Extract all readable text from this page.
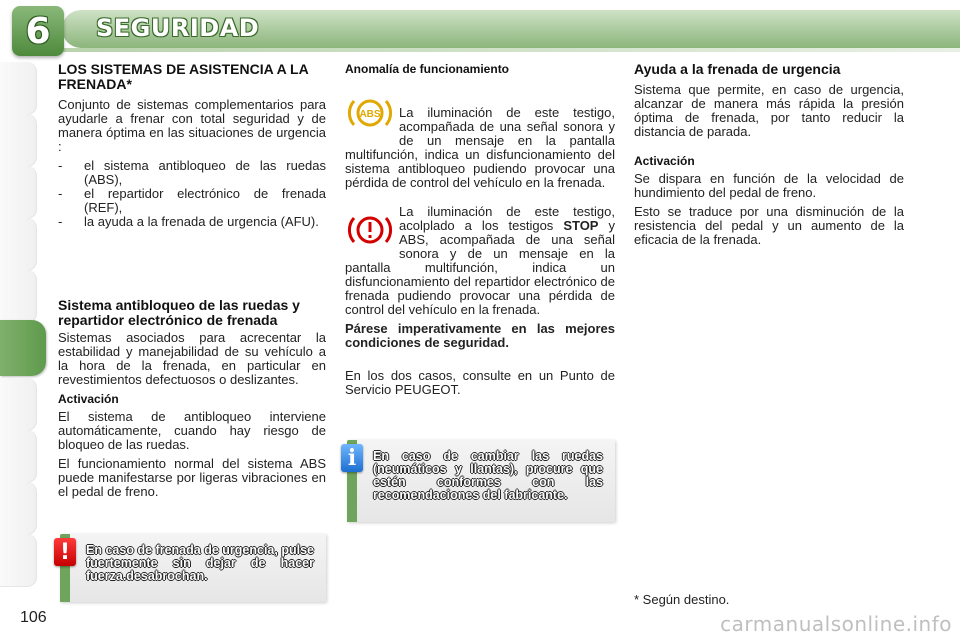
6 SEGURIDAD
LOS SISTEMAS DE ASISTENCIA A LA FRENADA*

Conjunto de sistemas complementarios para ayudarle a frenar con total seguridad y de manera óptima en las situaciones de urgencia :

- el sistema antibloqueo de las ruedas (ABS),
- el repartidor electrónico de frenada (REF),
- la ayuda a la frenada de urgencia (AFU).
Sistema antibloqueo de las ruedas y repartidor electrónico de frenada

Sistemas asociados para acrecentar la estabilidad y manejabilidad de su vehículo a la hora de la frenada, en particular en revestimientos defectuosos o deslizantes.

Activación

El sistema de antibloqueo interviene automáticamente, cuando hay riesgo de bloqueo de las ruedas.

El funcionamiento normal del sistema ABS puede manifestarse por ligeras vibraciones en el pedal de freno.

Anomalía de funcionamiento
ABS	La iluminación de este testigo, acompañada de una señal sonora y de un mensaje en la pantalla multifunción, indica un disfuncionamiento del sistema antibloqueo pudiendo provocar una pérdida de control del vehículo en la frenada.

La iluminación de este testigo, acolplado a los testigos STOP y ABS, acompañada de una señal sonora y de un mensaje en la pantalla multifunción, indica un disfuncionamiento del repartidor electrónico de frenada pudiendo provocar una pérdida de control del vehículo en la frenada.

Párese imperativamente en las mejores condiciones de seguridad.

En los dos casos, consulte en un Punto de Servicio PEUGEOT.

Ayuda a la frenada de urgencia

Sistema que permite, en caso de urgencia, alcanzar de manera más rápida la presión óptima de frenada, por tanto reducir la distancia de parada.

Activación

Se dispara en función de la velocidad de hundimiento del pedal de freno.

Esto se traduce por una disminución de la resistencia del pedal y un aumento de la eficacia de la frenada.

i	En caso de cambiar las ruedas (neumáticos y llantas), procure que estén conformes con las recomendaciones del fabricante.
!	En caso de frenada de urgencia, pulse fuertemente sin dejar de hacer fuerza.desabrochan.
106
* Según destino.
carmanualsonline.info
